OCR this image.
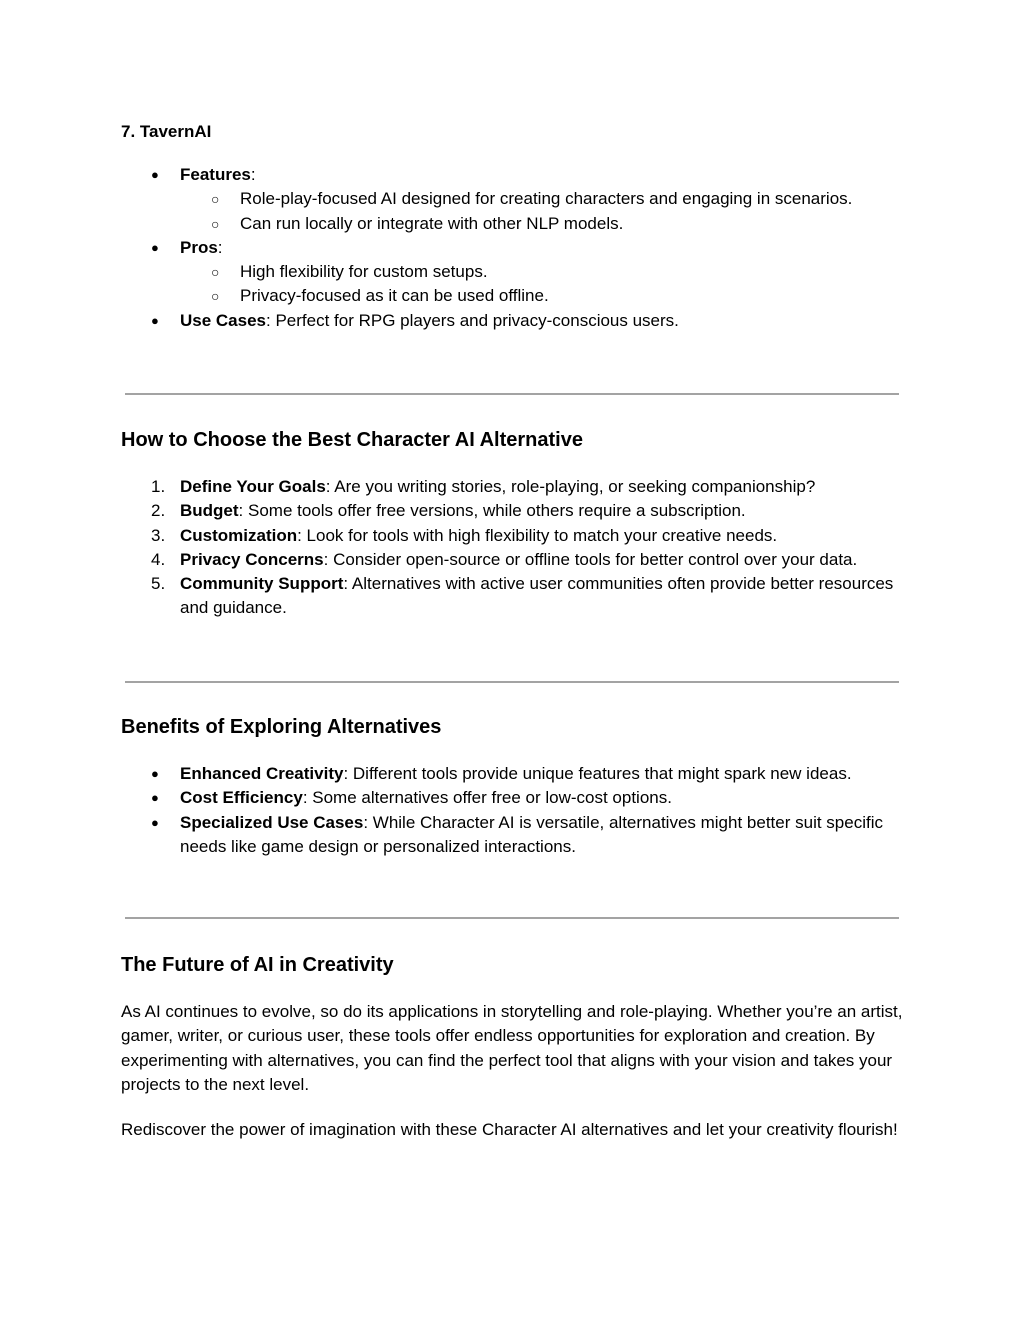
7. TavernAI
●	Features:
○	Role-play-focused AI designed for creating characters and engaging in scenarios.
○	Can run locally or integrate with other NLP models.
●	Pros:
○	High flexibility for custom setups.
○	Privacy-focused as it can be used offline.
●	Use Cases: Perfect for RPG players and privacy-conscious users.
How to Choose the Best Character AI Alternative
1. Define Your Goals: Are you writing stories, role-playing, or seeking companionship?
2. Budget: Some tools offer free versions, while others require a subscription.
3. Customization: Look for tools with high flexibility to match your creative needs.
4. Privacy Concerns: Consider open-source or offline tools for better control over your data.
5. Community Support: Alternatives with active user communities often provide better resources and guidance.
Benefits of Exploring Alternatives
●	Enhanced Creativity: Different tools provide unique features that might spark new ideas.
●	Cost Efficiency: Some alternatives offer free or low-cost options.
●	Specialized Use Cases: While Character AI is versatile, alternatives might better suit specific needs like game design or personalized interactions.
The Future of AI in Creativity

As AI continues to evolve, so do its applications in storytelling and role-playing. Whether you’re an artist, gamer, writer, or curious user, these tools offer endless opportunities for exploration and creation. By experimenting with alternatives, you can find the perfect tool that aligns with your vision and takes your projects to the next level.

Rediscover the power of imagination with these Character AI alternatives and let your creativity flourish!
